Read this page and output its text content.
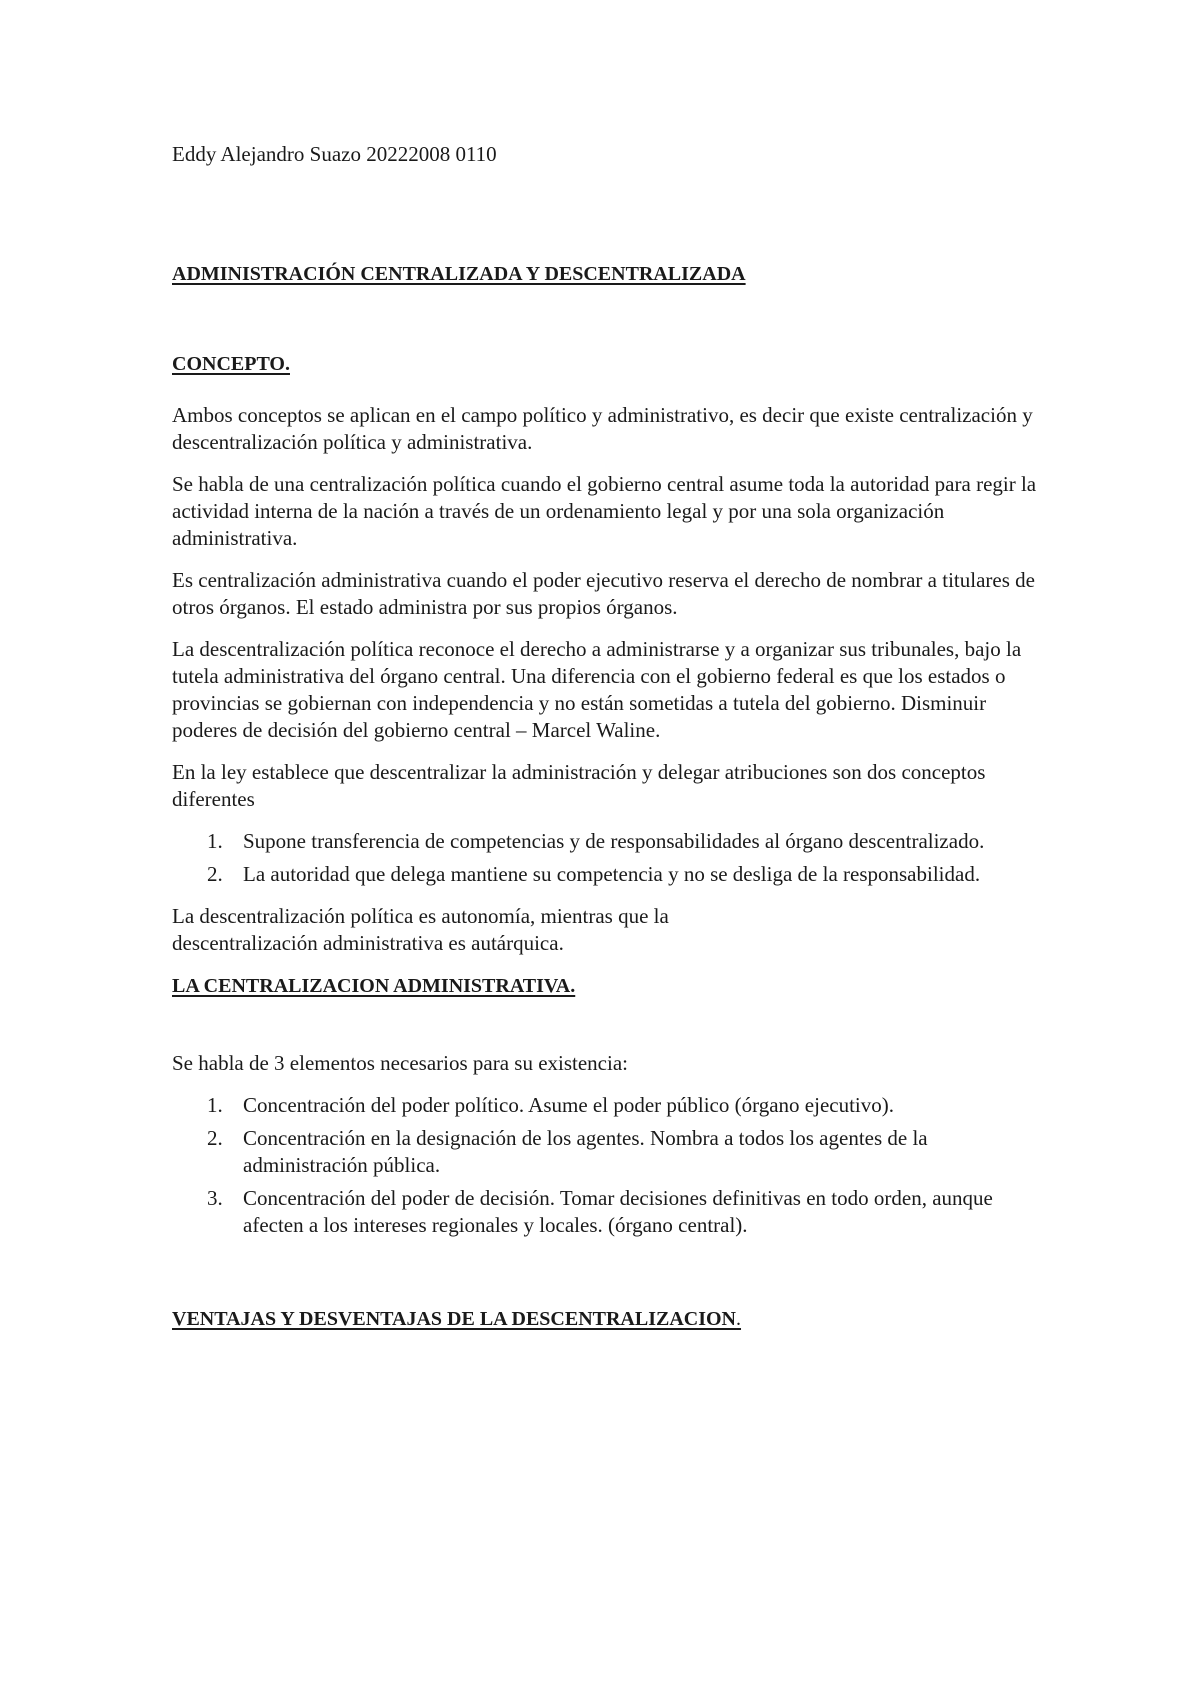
Eddy Alejandro Suazo 20222008 0110
ADMINISTRACIÓN CENTRALIZADA Y DESCENTRALIZADA
CONCEPTO.

Ambos conceptos se aplican en el campo político y administrativo, es decir que existe centralización y descentralización política y administrativa.

Se habla de una centralización política cuando el gobierno central asume toda la autoridad para regir la actividad interna de la nación a través de un ordenamiento legal y por una sola organización administrativa.

Es centralización administrativa cuando el poder ejecutivo reserva el derecho de nombrar a titulares de otros órganos. El estado administra por sus propios órganos.

La descentralización política reconoce el derecho a administrarse y a organizar sus tribunales, bajo la tutela administrativa del órgano central. Una diferencia con el gobierno federal es que los estados o provincias se gobiernan con independencia y no están sometidas a tutela del gobierno. Disminuir poderes de decisión del gobierno central – Marcel Waline.

En la ley establece que descentralizar la administración y delegar atribuciones son dos conceptos diferentes

1. Supone transferencia de competencias y de responsabilidades al órgano descentralizado.
2. La autoridad que delega mantiene su competencia y no se desliga de la responsabilidad.

La descentralización política es autonomía, mientras que la
descentralización administrativa es autárquica.

LA CENTRALIZACION ADMINISTRATIVA.

Se habla de 3 elementos necesarios para su existencia:

1. Concentración del poder político. Asume el poder público (órgano ejecutivo).
2. Concentración en la designación de los agentes. Nombra a todos los agentes de la administración pública.
3. Concentración del poder de decisión. Tomar decisiones definitivas en todo orden, aunque afecten a los intereses regionales y locales. (órgano central).
VENTAJAS Y DESVENTAJAS DE LA DESCENTRALIZACION.
